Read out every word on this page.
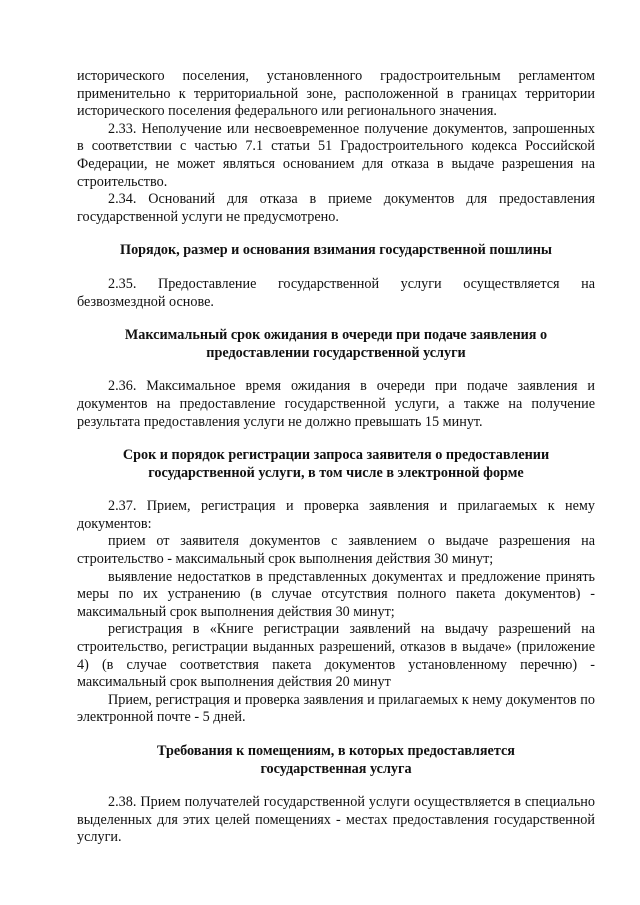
исторического поселения, установленного градостроительным регламентом применительно к территориальной зоне, расположенной в границах территории исторического поселения федерального или регионального значения.

2.33. Неполучение или несвоевременное получение документов, запрошенных в соответствии с частью 7.1 статьи 51 Градостроительного кодекса Российской Федерации, не может являться основанием для отказа в выдаче разрешения на строительство.

2.34. Оснований для отказа в приеме документов для предоставления государственной услуги не предусмотрено.

Порядок, размер и основания взимания государственной пошлины

2.35. Предоставление государственной услуги осуществляется на безвозмездной основе.

Максимальный срок ожидания в очереди при подаче заявления о
предоставлении государственной услуги

2.36. Максимальное время ожидания в очереди при подаче заявления и документов на предоставление государственной услуги, а также на получение результата предоставления услуги не должно превышать 15 минут.

Срок и порядок регистрации запроса заявителя о предоставлении
государственной услуги, в том числе в электронной форме

2.37. Прием, регистрация и проверка заявления и прилагаемых к нему документов:

прием от заявителя документов с заявлением о выдаче разрешения на строительство - максимальный срок выполнения действия 30 минут;

выявление недостатков в представленных документах и предложение принять меры по их устранению (в случае отсутствия полного пакета документов) - максимальный срок выполнения действия 30 минут;

регистрация в «Книге регистрации заявлений на выдачу разрешений на строительство, регистрации выданных разрешений, отказов в выдаче» (приложение 4) (в случае соответствия пакета документов установленному перечню) - максимальный срок выполнения действия 20 минут

Прием, регистрация и проверка заявления и прилагаемых к нему документов по электронной почте - 5 дней.

Требования к помещениям, в которых предоставляется
государственная услуга

2.38. Прием получателей государственной услуги осуществляется в специально выделенных для этих целей помещениях - местах предоставления государственной услуги.
